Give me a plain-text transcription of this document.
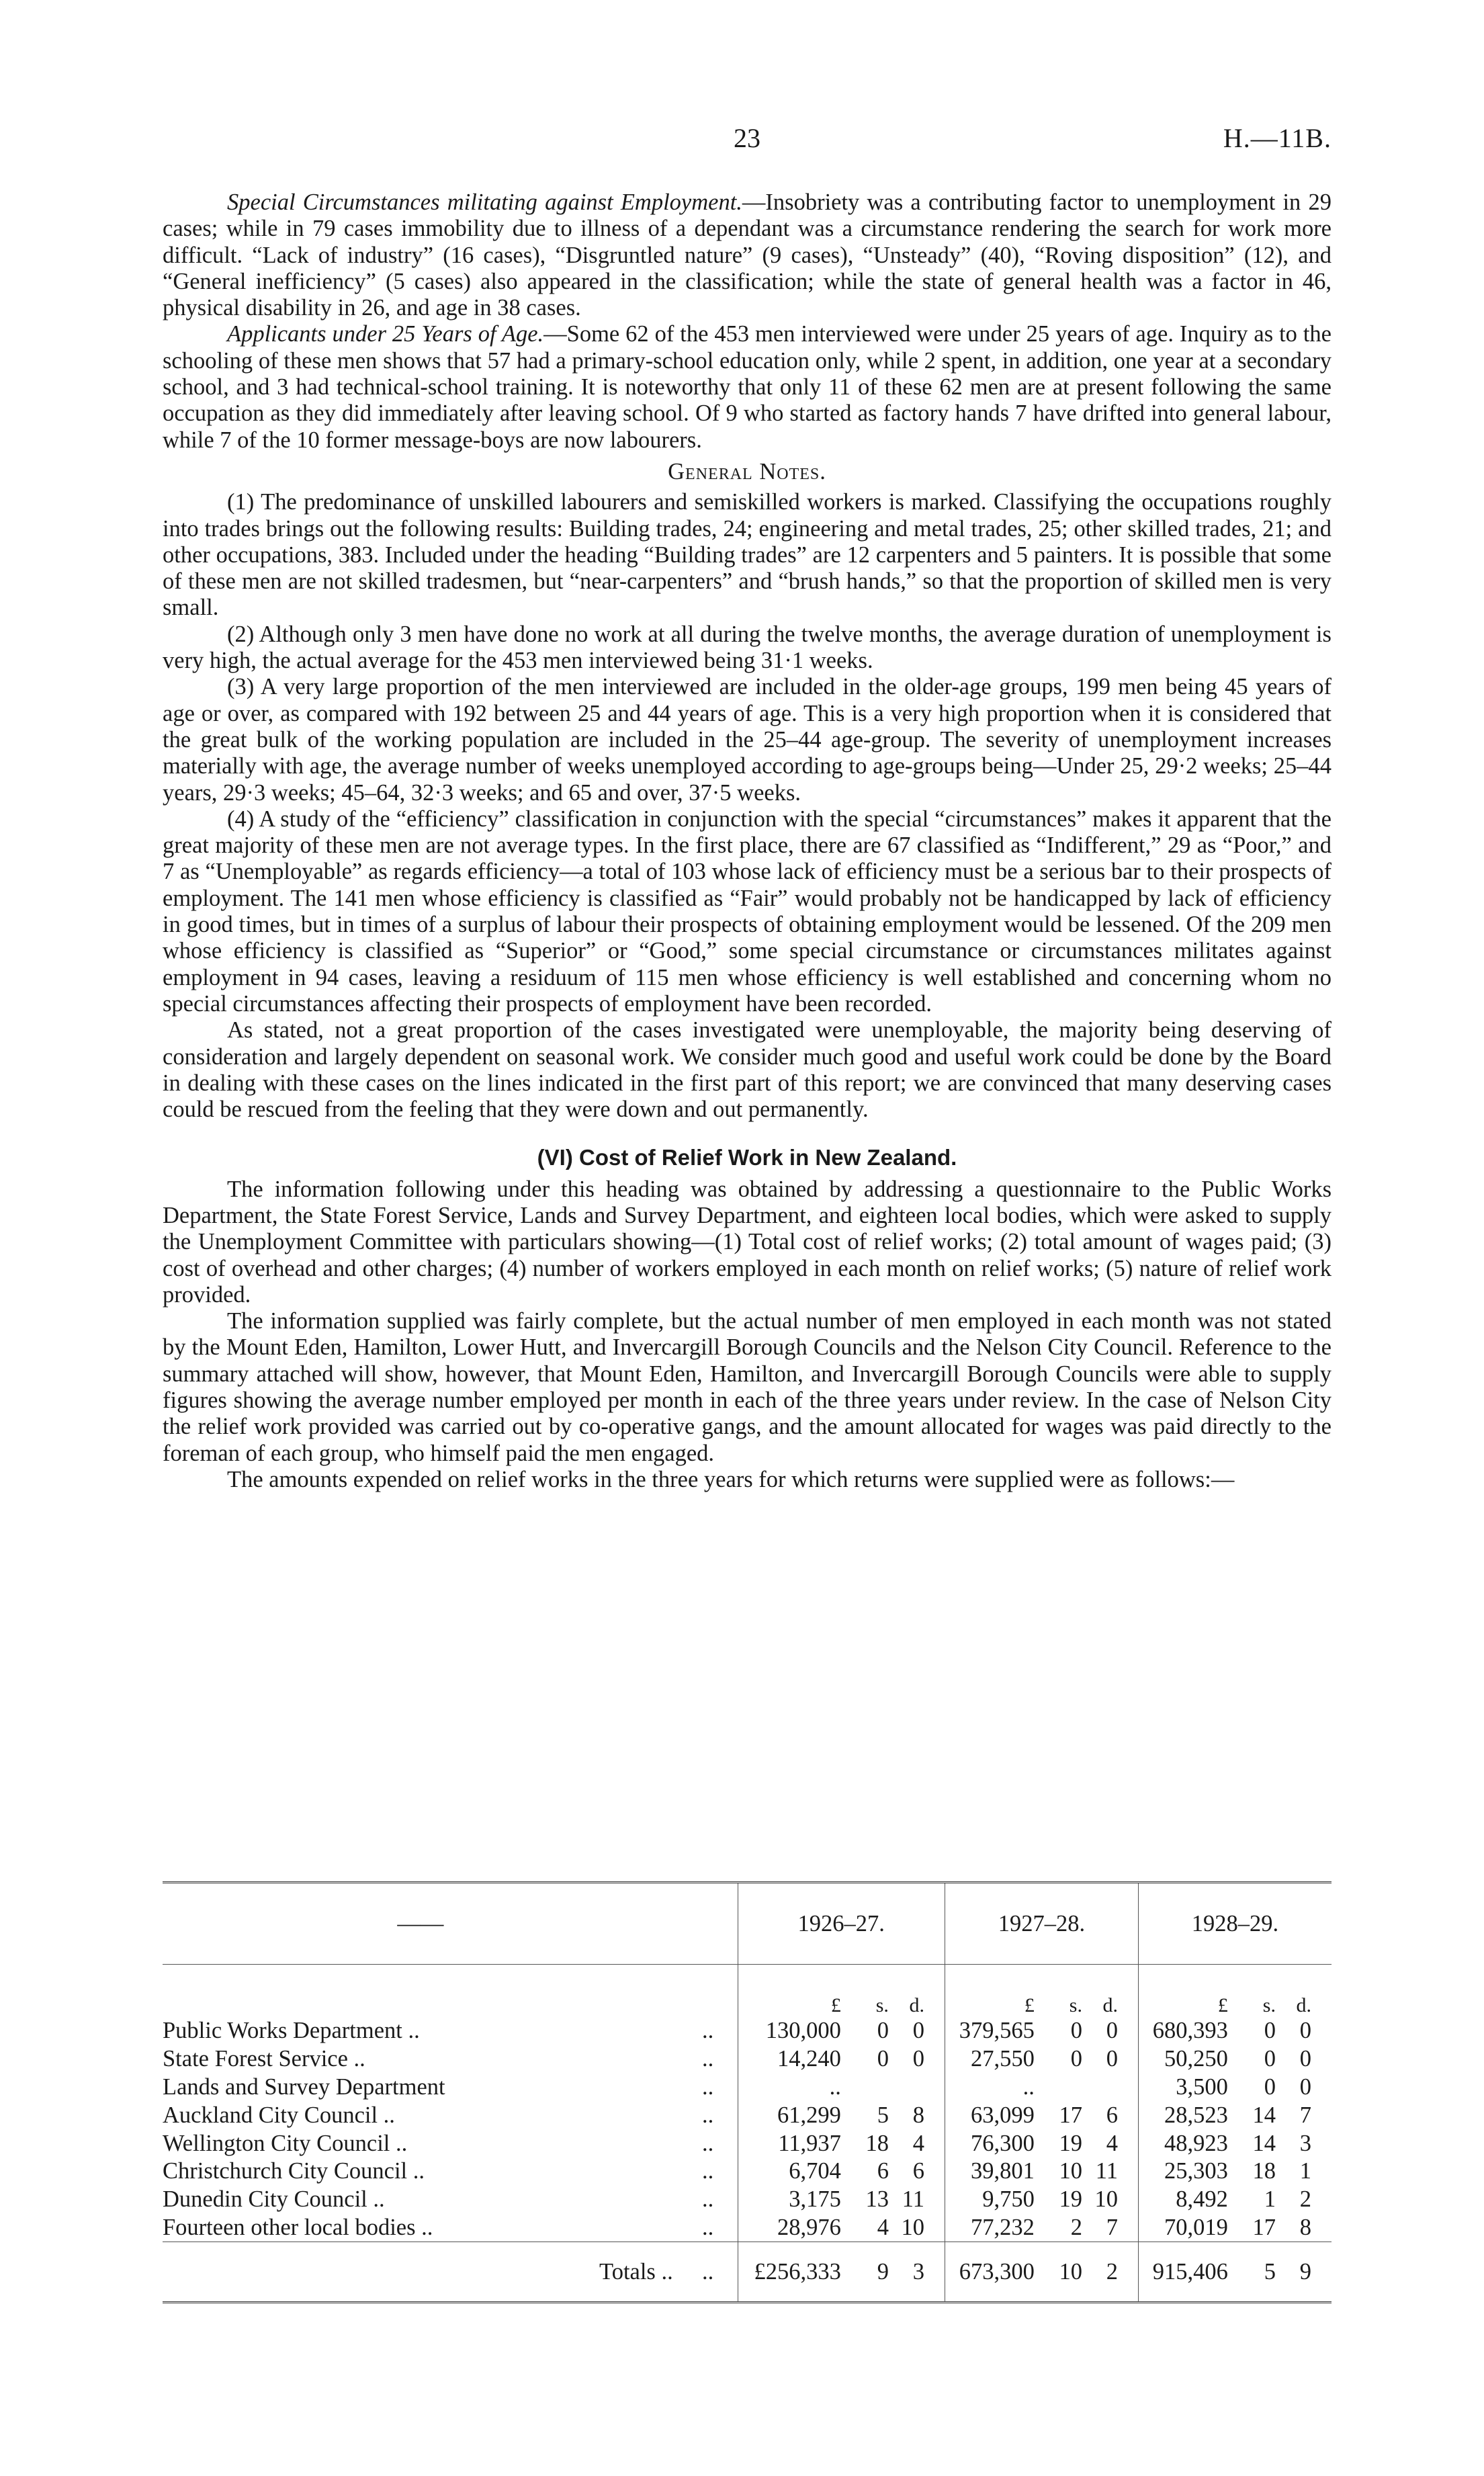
23	H.—11B.

Special Circumstances militating against Employment.—Insobriety was a contributing factor to unemployment in 29 cases; while in 79 cases immobility due to illness of a dependant was a circumstance rendering the search for work more difficult. “Lack of industry” (16 cases), “Disgruntled nature” (9 cases), “Unsteady” (40), “Roving disposition” (12), and “General inefficiency” (5 cases) also appeared in the classification; while the state of general health was a factor in 46, physical disability in 26, and age in 38 cases.

Applicants under 25 Years of Age.—Some 62 of the 453 men interviewed were under 25 years of age. Inquiry as to the schooling of these men shows that 57 had a primary-school education only, while 2 spent, in addition, one year at a secondary school, and 3 had technical-school training. It is noteworthy that only 11 of these 62 men are at present following the same occupation as they did immediately after leaving school. Of 9 who started as factory hands 7 have drifted into general labour, while 7 of the 10 former message-boys are now labourers.

General Notes.

(1) The predominance of unskilled labourers and semiskilled workers is marked. Classifying the occupations roughly into trades brings out the following results: Building trades, 24; engineering and metal trades, 25; other skilled trades, 21; and other occupations, 383. Included under the heading “Building trades” are 12 carpenters and 5 painters. It is possible that some of these men are not skilled tradesmen, but “near-carpenters” and “brush hands,” so that the proportion of skilled men is very small.

(2) Although only 3 men have done no work at all during the twelve months, the average duration of unemployment is very high, the actual average for the 453 men interviewed being 31·1 weeks.

(3) A very large proportion of the men interviewed are included in the older-age groups, 199 men being 45 years of age or over, as compared with 192 between 25 and 44 years of age. This is a very high proportion when it is considered that the great bulk of the working population are included in the 25–44 age-group. The severity of unemployment increases materially with age, the average number of weeks unemployed according to age-groups being—Under 25, 29·2 weeks; 25–44 years, 29·3 weeks; 45–64, 32·3 weeks; and 65 and over, 37·5 weeks.

(4) A study of the “efficiency” classification in conjunction with the special “circumstances” makes it apparent that the great majority of these men are not average types. In the first place, there are 67 classified as “Indifferent,” 29 as “Poor,” and 7 as “Unemployable” as regards efficiency—a total of 103 whose lack of efficiency must be a serious bar to their prospects of employment. The 141 men whose efficiency is classified as “Fair” would probably not be handicapped by lack of efficiency in good times, but in times of a surplus of labour their prospects of obtaining employment would be lessened. Of the 209 men whose efficiency is classified as “Superior” or “Good,” some special circumstance or circumstances militates against employment in 94 cases, leaving a residuum of 115 men whose efficiency is well established and concerning whom no special circumstances affecting their prospects of employment have been recorded.

As stated, not a great proportion of the cases investigated were unemployable, the majority being deserving of consideration and largely dependent on seasonal work. We consider much good and useful work could be done by the Board in dealing with these cases on the lines indicated in the first part of this report; we are convinced that many deserving cases could be rescued from the feeling that they were down and out permanently.

(VI) Cost of Relief Work in New Zealand.

The information following under this heading was obtained by addressing a questionnaire to the Public Works Department, the State Forest Service, Lands and Survey Department, and eighteen local bodies, which were asked to supply the Unemployment Committee with particulars showing—(1) Total cost of relief works; (2) total amount of wages paid; (3) cost of overhead and other charges; (4) number of workers employed in each month on relief works; (5) nature of relief work provided.

The information supplied was fairly complete, but the actual number of men employed in each month was not stated by the Mount Eden, Hamilton, Lower Hutt, and Invercargill Borough Councils and the Nelson City Council. Reference to the summary attached will show, however, that Mount Eden, Hamilton, and Invercargill Borough Councils were able to supply figures showing the average number employed per month in each of the three years under review. In the case of Nelson City the relief work provided was carried out by co-operative gangs, and the amount allocated for wages was paid directly to the foreman of each group, who himself paid the men engaged.

The amounts expended on relief works in the three years for which returns were supplied were as follows:—

——		1926–27.			1927–28.			1928–29.		
		£	s.	d.	£	s.	d.	£	s.	d.
Public Works Department ..	..	130,000	0	0	379,565	0	0	680,393	0	0
State Forest Service ..	..	14,240	0	0	27,550	0	0	50,250	0	0
Lands and Survey Department	..	..			..			3,500	0	0
Auckland City Council ..	..	61,299	5	8	63,099	17	6	28,523	14	7
Wellington City Council ..	..	11,937	18	4	76,300	19	4	48,923	14	3
Christchurch City Council ..	..	6,704	6	6	39,801	10	11	25,303	18	1
Dunedin City Council ..	..	3,175	13	11	9,750	19	10	8,492	1	2
Fourteen other local bodies ..	..	28,976	4	10	77,232	2	7	70,019	17	8
Totals ..	..	£256,333	9	3	673,300	10	2	915,406	5	9
